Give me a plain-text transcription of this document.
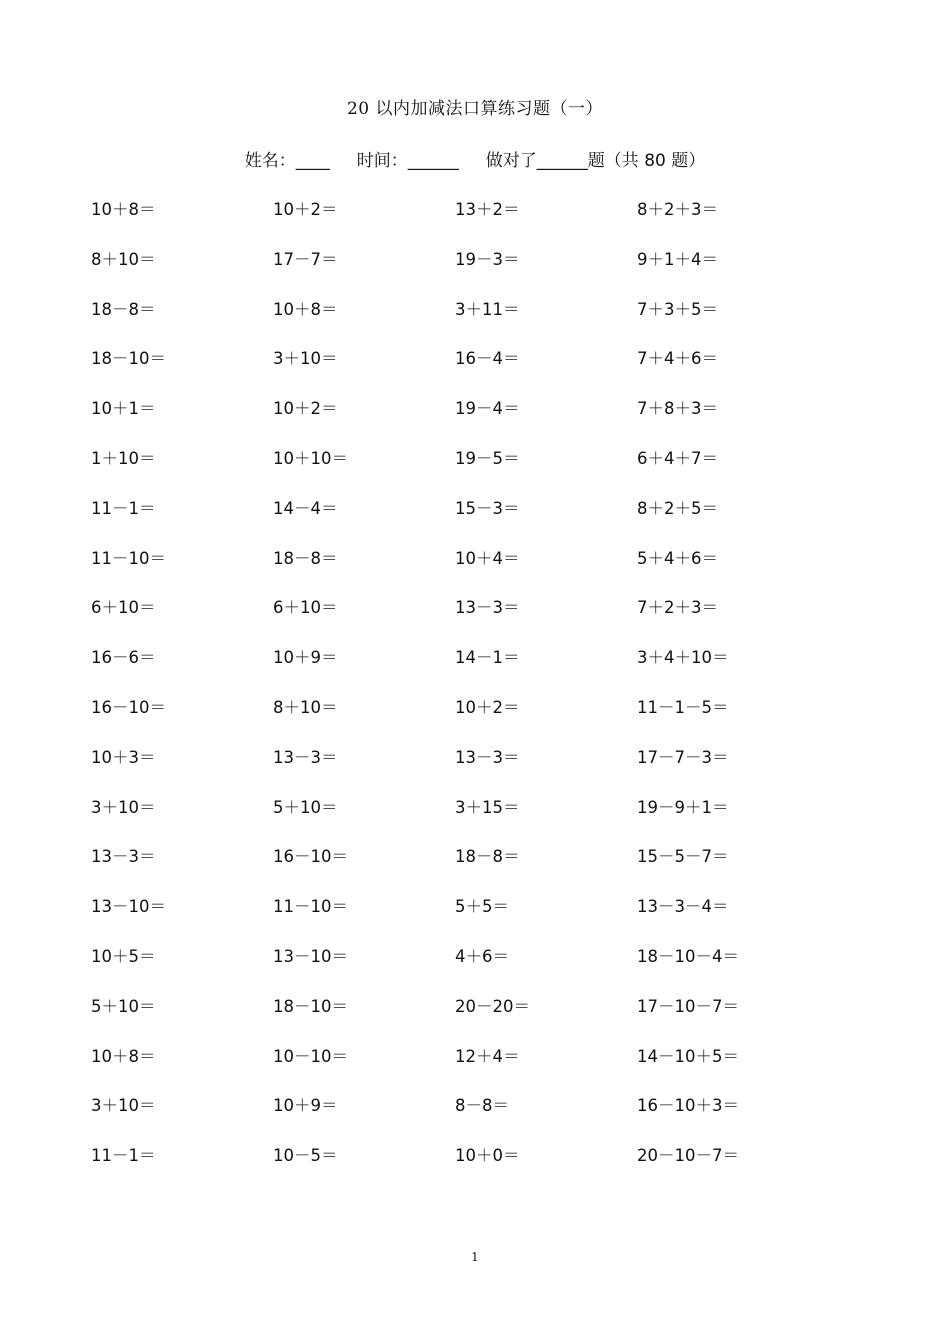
20 以内加减法口算练习题（一）
姓名：____ 时间：______ 做对了______题（共 80 题）
10＋8＝	10＋2＝	13＋2＝	8＋2＋3＝
8＋10＝	17－7＝	19－3＝	9＋1＋4＝
18－8＝	10＋8＝	3＋11＝	7＋3＋5＝
18－10＝	3＋10＝	16－4＝	7＋4＋6＝
10＋1＝	10＋2＝	19－4＝	7＋8＋3＝
1＋10＝	10＋10＝	19－5＝	6＋4＋7＝
11－1＝	14－4＝	15－3＝	8＋2＋5＝
11－10＝	18－8＝	10＋4＝	5＋4＋6＝
6＋10＝	6＋10＝	13－3＝	7＋2＋3＝
16－6＝	10＋9＝	14－1＝	3＋4＋10＝
16－10＝	8＋10＝	10＋2＝	11－1－5＝
10＋3＝	13－3＝	13－3＝	17－7－3＝
3＋10＝	5＋10＝	3＋15＝	19－9＋1＝
13－3＝	16－10＝	18－8＝	15－5－7＝
13－10＝	11－10＝	5＋5＝	13－3－4＝
10＋5＝	13－10＝	4＋6＝	18－10－4＝
5＋10＝	18－10＝	20－20＝	17－10－7＝
10＋8＝	10－10＝	12＋4＝	14－10＋5＝
3＋10＝	10＋9＝	8－8＝	16－10＋3＝
11－1＝	10－5＝	10＋0＝	20－10－7＝
1
